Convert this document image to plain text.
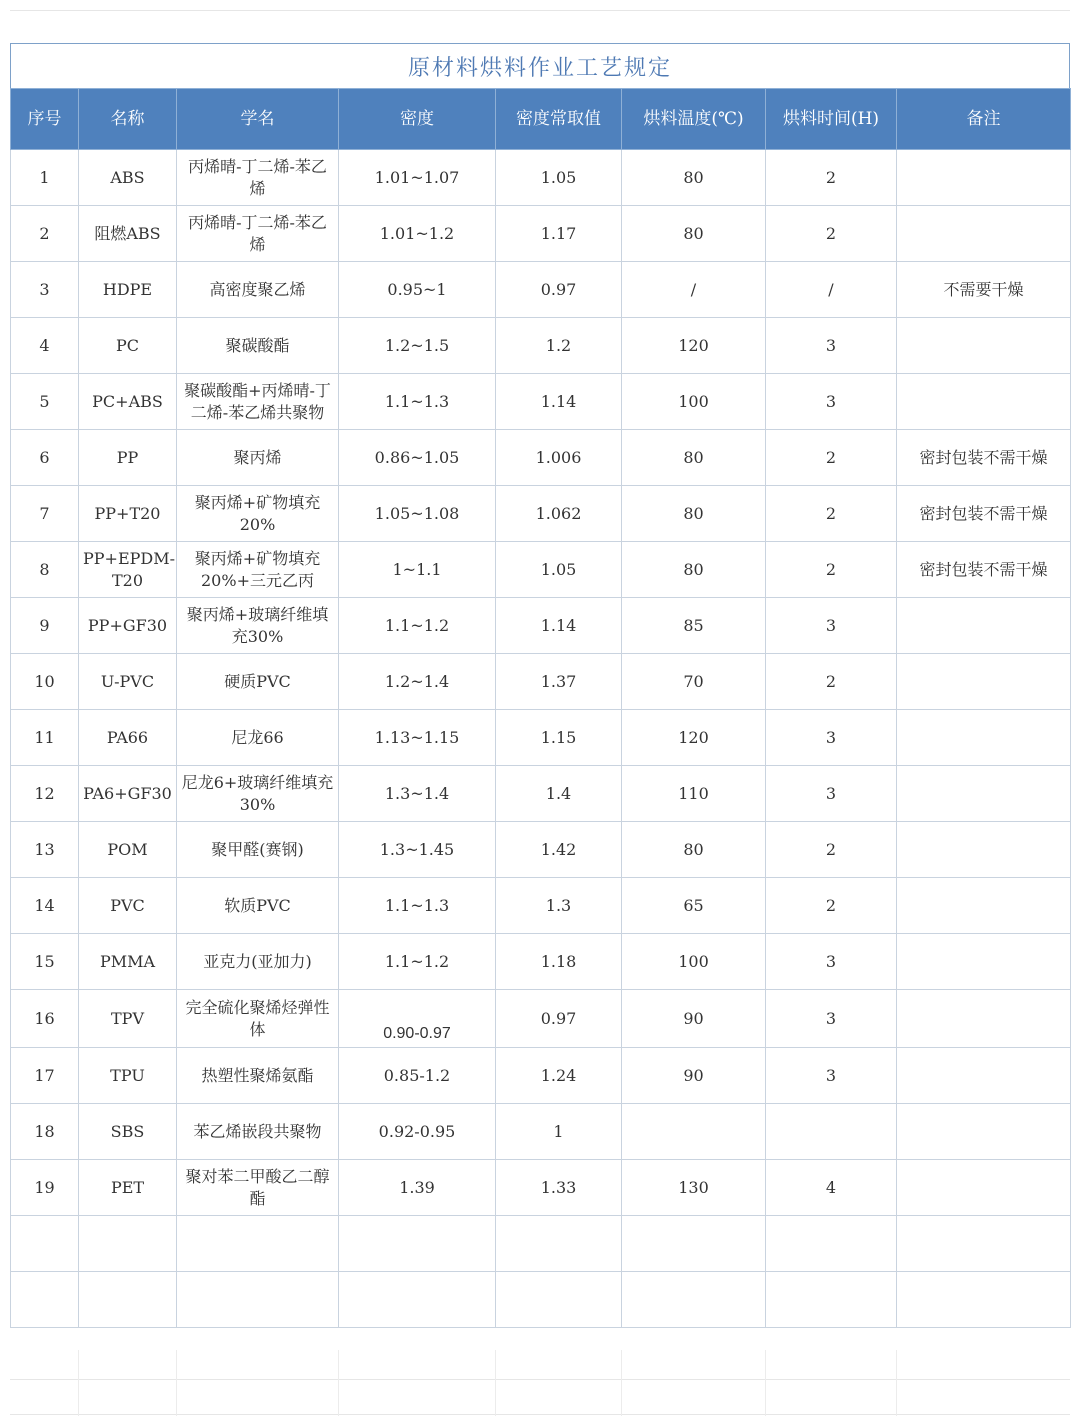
原材料烘料作业工艺规定
序号	名称	学名	密度	密度常取值	烘料温度(℃)	烘料时间(H)	备注
1	ABS	丙烯晴-丁二烯-苯乙烯	1.01~1.07	1.05	80	2	
2	阻燃ABS	丙烯晴-丁二烯-苯乙烯	1.01~1.2	1.17	80	2	
3	HDPE	高密度聚乙烯	0.95~1	0.97	/	/	不需要干燥
4	PC	聚碳酸酯	1.2~1.5	1.2	120	3	
5	PC+ABS	聚碳酸酯+丙烯晴-丁二烯-苯乙烯共聚物	1.1~1.3	1.14	100	3	
6	PP	聚丙烯	0.86~1.05	1.006	80	2	密封包装不需干燥
7	PP+T20	聚丙烯+矿物填充20%	1.05~1.08	1.062	80	2	密封包装不需干燥
8	PP+EPDM-T20	聚丙烯+矿物填充20%+三元乙丙	1~1.1	1.05	80	2	密封包装不需干燥
9	PP+GF30	聚丙烯+玻璃纤维填充30%	1.1~1.2	1.14	85	3	
10	U-PVC	硬质PVC	1.2~1.4	1.37	70	2	
11	PA66	尼龙66	1.13~1.15	1.15	120	3	
12	PA6+GF30	尼龙6+玻璃纤维填充30%	1.3~1.4	1.4	110	3	
13	POM	聚甲醛(赛钢)	1.3~1.45	1.42	80	2	
14	PVC	软质PVC	1.1~1.3	1.3	65	2	
15	PMMA	亚克力(亚加力)	1.1~1.2	1.18	100	3	
16	TPV	完全硫化聚烯烃弹性体	0.90-0.97	0.97	90	3	
17	TPU	热塑性聚烯氨酯	0.85-1.2	1.24	90	3	
18	SBS	苯乙烯嵌段共聚物	0.92-0.95	1			
19	PET	聚对苯二甲酸乙二醇酯	1.39	1.33	130	4	
